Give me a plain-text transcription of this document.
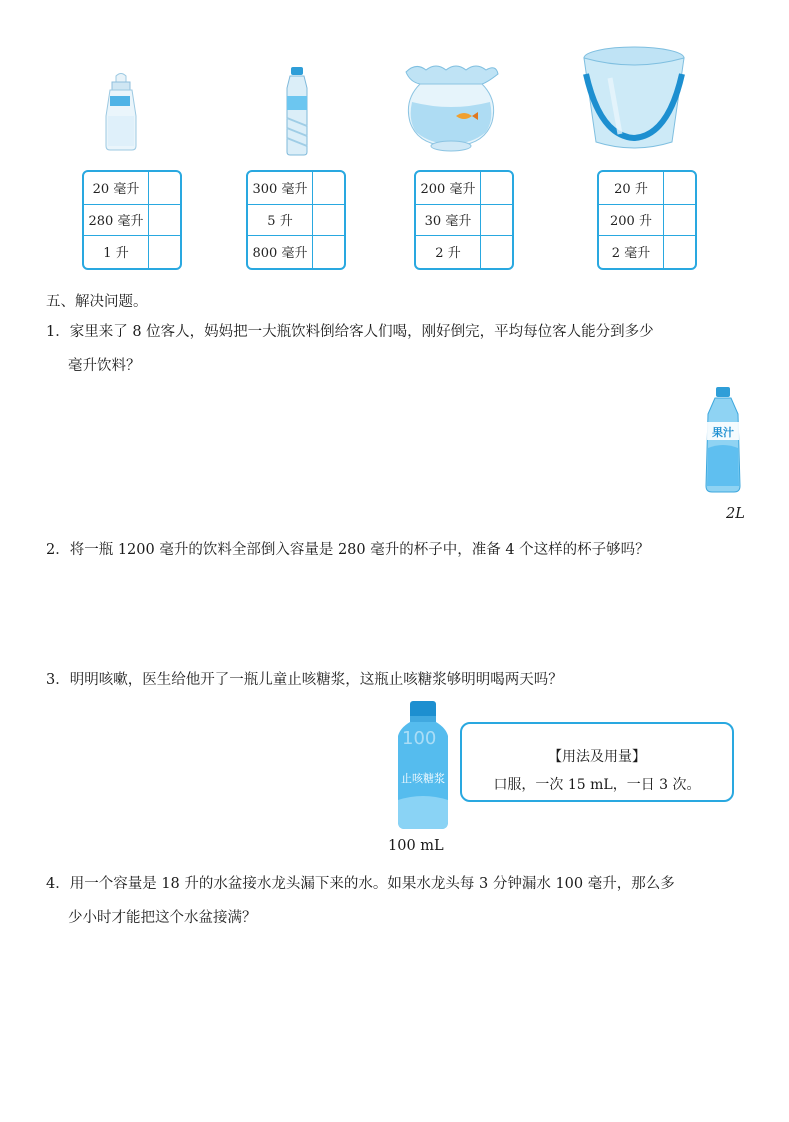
20 毫升
280 毫升
1 升
300 毫升
5 升
800 毫升
200 毫升
30 毫升
2 升
20 升
200 升
2 毫升
五、解决问题。
1．家里来了 8 位客人，妈妈把一大瓶饮料倒给客人们喝，刚好倒完，平均每位客人能分到多少
毫升饮料？
果汁
2L
2．将一瓶 1200 毫升的饮料全部倒入容量是 280 毫升的杯子中，准备 4 个这样的杯子够吗？
3．明明咳嗽，医生给他开了一瓶儿童止咳糖浆，这瓶止咳糖浆够明明喝两天吗？
100
止咳糖浆
100 mL
【用法及用量】
口服，一次 15 mL，一日 3 次。
4．用一个容量是 18 升的水盆接水龙头漏下来的水。如果水龙头每 3 分钟漏水 100 毫升，那么多
少小时才能把这个水盆接满？
